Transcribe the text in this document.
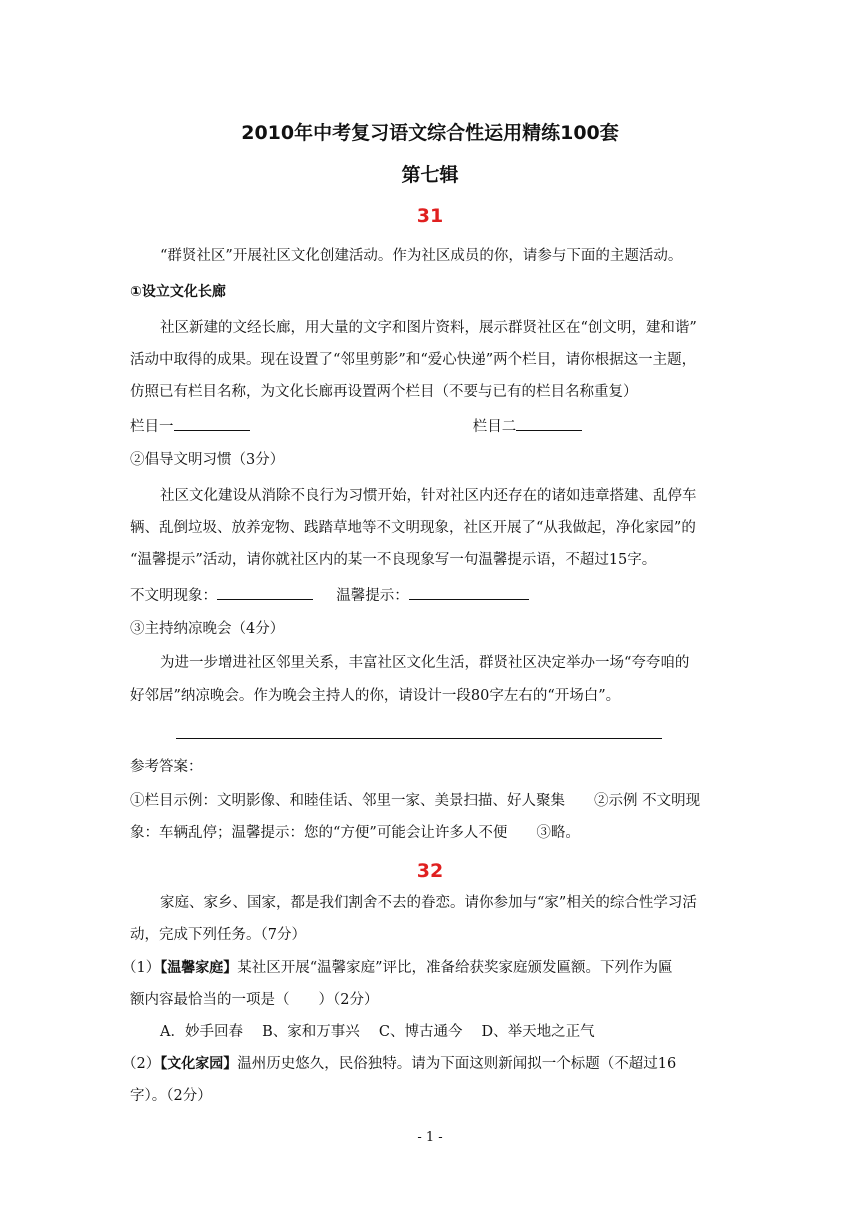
2010年中考复习语文综合性运用精练100套
第七辑
31
“群贤社区”开展社区文化创建活动。作为社区成员的你，请参与下面的主题活动。
①设立文化长廊
社区新建的文经长廊，用大量的文字和图片资料，展示群贤社区在“创文明，建和谐”
活动中取得的成果。现在设置了“邻里剪影”和“爱心快递”两个栏目，请你根据这一主题，
仿照已有栏目名称，为文化长廊再设置两个栏目（不要与已有的栏目名称重复）
栏目一	栏目二
②倡导文明习惯（3分）
社区文化建设从消除不良行为习惯开始，针对社区内还存在的诸如违章搭建、乱停车
辆、乱倒垃圾、放养宠物、践踏草地等不文明现象，社区开展了“从我做起，净化家园”的
“温馨提示”活动，请你就社区内的某一不良现象写一句温馨提示语，不超过15字。
不文明现象：	温馨提示：
③主持纳凉晚会（4分）
为进一步增进社区邻里关系，丰富社区文化生活，群贤社区决定举办一场“夸夸咱的
好邻居”纳凉晚会。作为晚会主持人的你，请设计一段80字左右的“开场白”。
参考答案：
①栏目示例：文明影像、和睦佳话、邻里一家、美景扫描、好人聚集　　②示例 不文明现
象：车辆乱停；温馨提示：您的“方便”可能会让许多人不便　　③略。
32
家庭、家乡、国家，都是我们割舍不去的眷恋。请你参加与“家”相关的综合性学习活
动，完成下列任务。（7分）
（1）【温馨家庭】某社区开展“温馨家庭”评比，准备给获奖家庭颁发匾额。下列作为匾
额内容最恰当的一项是（　　）（2分）
A．妙手回春　 B、家和万事兴　 C、博古通今　 D、举天地之正气
（2）【文化家园】温州历史悠久，民俗独特。请为下面这则新闻拟一个标题（不超过16
字）。（2分）
- 1 -
